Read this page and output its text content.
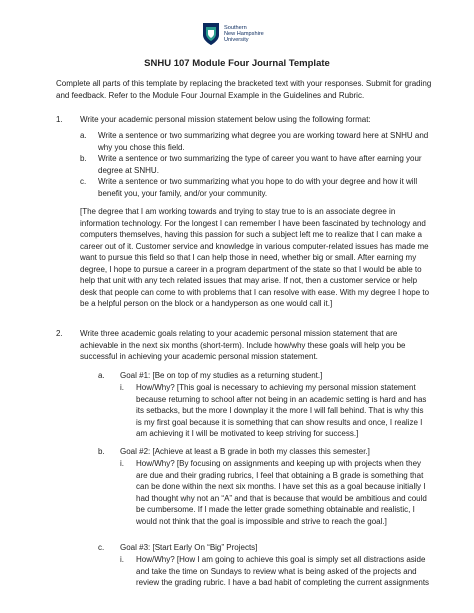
Southern
New Hampshire
University
SNHU 107 Module Four Journal Template

Complete all parts of this template by replacing the bracketed text with your responses. Submit for grading and feedback. Refer to the Module Four Journal Example in the Guidelines and Rubric.

1. Write your academic personal mission statement below using the following format:
a. Write a sentence or two summarizing what degree you are working toward here at SNHU and why you chose this field.
b. Write a sentence or two summarizing the type of career you want to have after earning your degree at SNHU.
c. Write a sentence or two summarizing what you hope to do with your degree and how it will benefit you, your family, and/or your community.

[The degree that I am working towards and trying to stay true to is an associate degree in information technology. For the longest I can remember I have been fascinated by technology and computers themselves, having this passion for such a subject left me to realize that I can make a career out of it. Customer service and knowledge in various computer-related issues has made me want to pursue this field so that I can help those in need, whether big or small. After earning my degree, I hope to pursue a career in a program department of the state so that I would be able to help that unit with any tech related issues that may arise. If not, then a customer service or help desk that people can come to with problems that I can resolve with ease. With my degree I hope to be a helpful person on the block or a handyperson as one would call it.]

2. Write three academic goals relating to your academic personal mission statement that are achievable in the next six months (short-term). Include how/why these goals will help you be successful in achieving your academic personal mission statement.
a. Goal #1: [Be on top of my studies as a returning student.]
i. How/Why? [This goal is necessary to achieving my personal mission statement because returning to school after not being in an academic setting is hard and has its setbacks, but the more I downplay it the more I will fall behind. That is why this is my first goal because it is something that can show results and once, I realize I am achieving it I will be motivated to keep striving for success.]
b. Goal #2: [Achieve at least a B grade in both my classes this semester.]
i. How/Why? [By focusing on assignments and keeping up with projects when they are due and their grading rubrics, I feel that obtaining a B grade is something that can be done within the next six months. I have set this as a goal because initially I had thought why not an “A” and that is because that would be ambitious and could be cumbersome. If I made the letter grade something obtainable and realistic, I would not think that the goal is impossible and strive to reach the goal.]
c. Goal #3: [Start Early On “Big” Projects]
i. How/Why? [How I am going to achieve this goal is simply set all distractions aside and take the time on Sundays to review what is being asked of the projects and review the grading rubric. I have a bad habit of completing the current assignments
